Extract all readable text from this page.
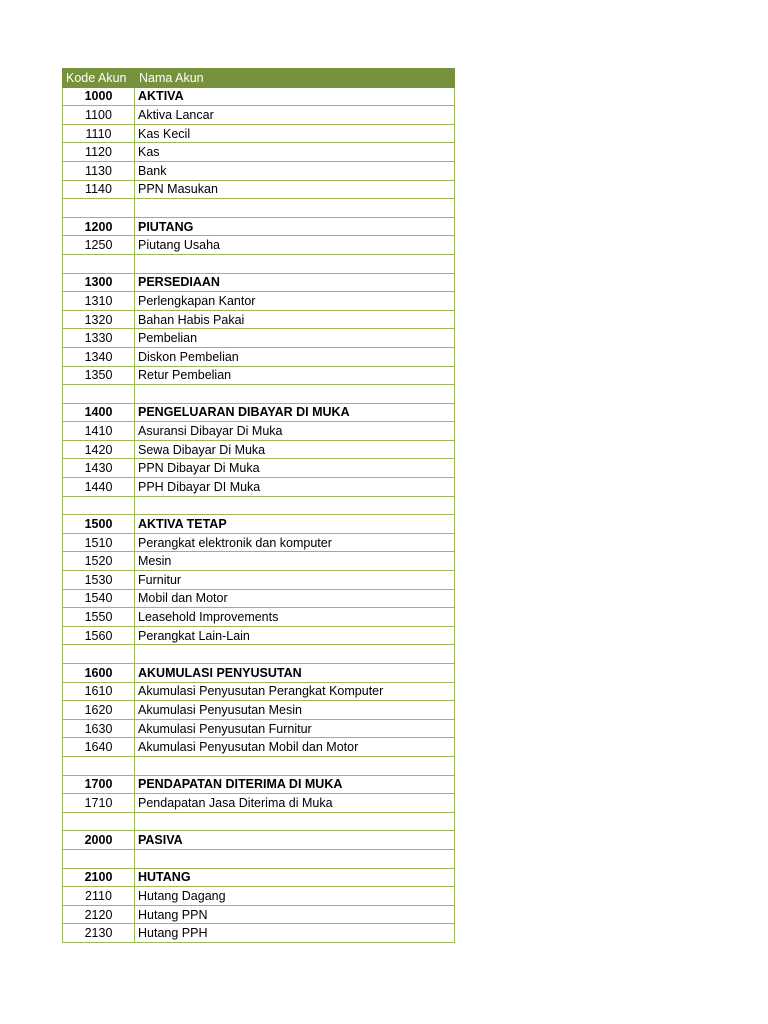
Kode Akun	Nama Akun
1000	AKTIVA
1100	Aktiva Lancar
1110	Kas Kecil
1120	Kas
1130	Bank
1140	PPN Masukan

1200	PIUTANG
1250	Piutang Usaha

1300	PERSEDIAAN
1310	Perlengkapan Kantor
1320	Bahan Habis Pakai
1330	Pembelian
1340	Diskon Pembelian
1350	Retur Pembelian

1400	PENGELUARAN DIBAYAR DI MUKA
1410	Asuransi Dibayar Di Muka
1420	Sewa Dibayar Di Muka
1430	PPN Dibayar Di Muka
1440	PPH Dibayar DI Muka

1500	AKTIVA TETAP
1510	Perangkat elektronik dan komputer
1520	Mesin
1530	Furnitur
1540	Mobil dan Motor
1550	Leasehold Improvements
1560	Perangkat Lain-Lain

1600	AKUMULASI PENYUSUTAN
1610	Akumulasi Penyusutan Perangkat Komputer
1620	Akumulasi Penyusutan Mesin
1630	Akumulasi Penyusutan Furnitur
1640	Akumulasi Penyusutan Mobil dan Motor

1700	PENDAPATAN DITERIMA DI MUKA
1710	Pendapatan Jasa Diterima di Muka

2000	PASIVA

2100	HUTANG
2110	Hutang Dagang
2120	Hutang PPN
2130	Hutang PPH
